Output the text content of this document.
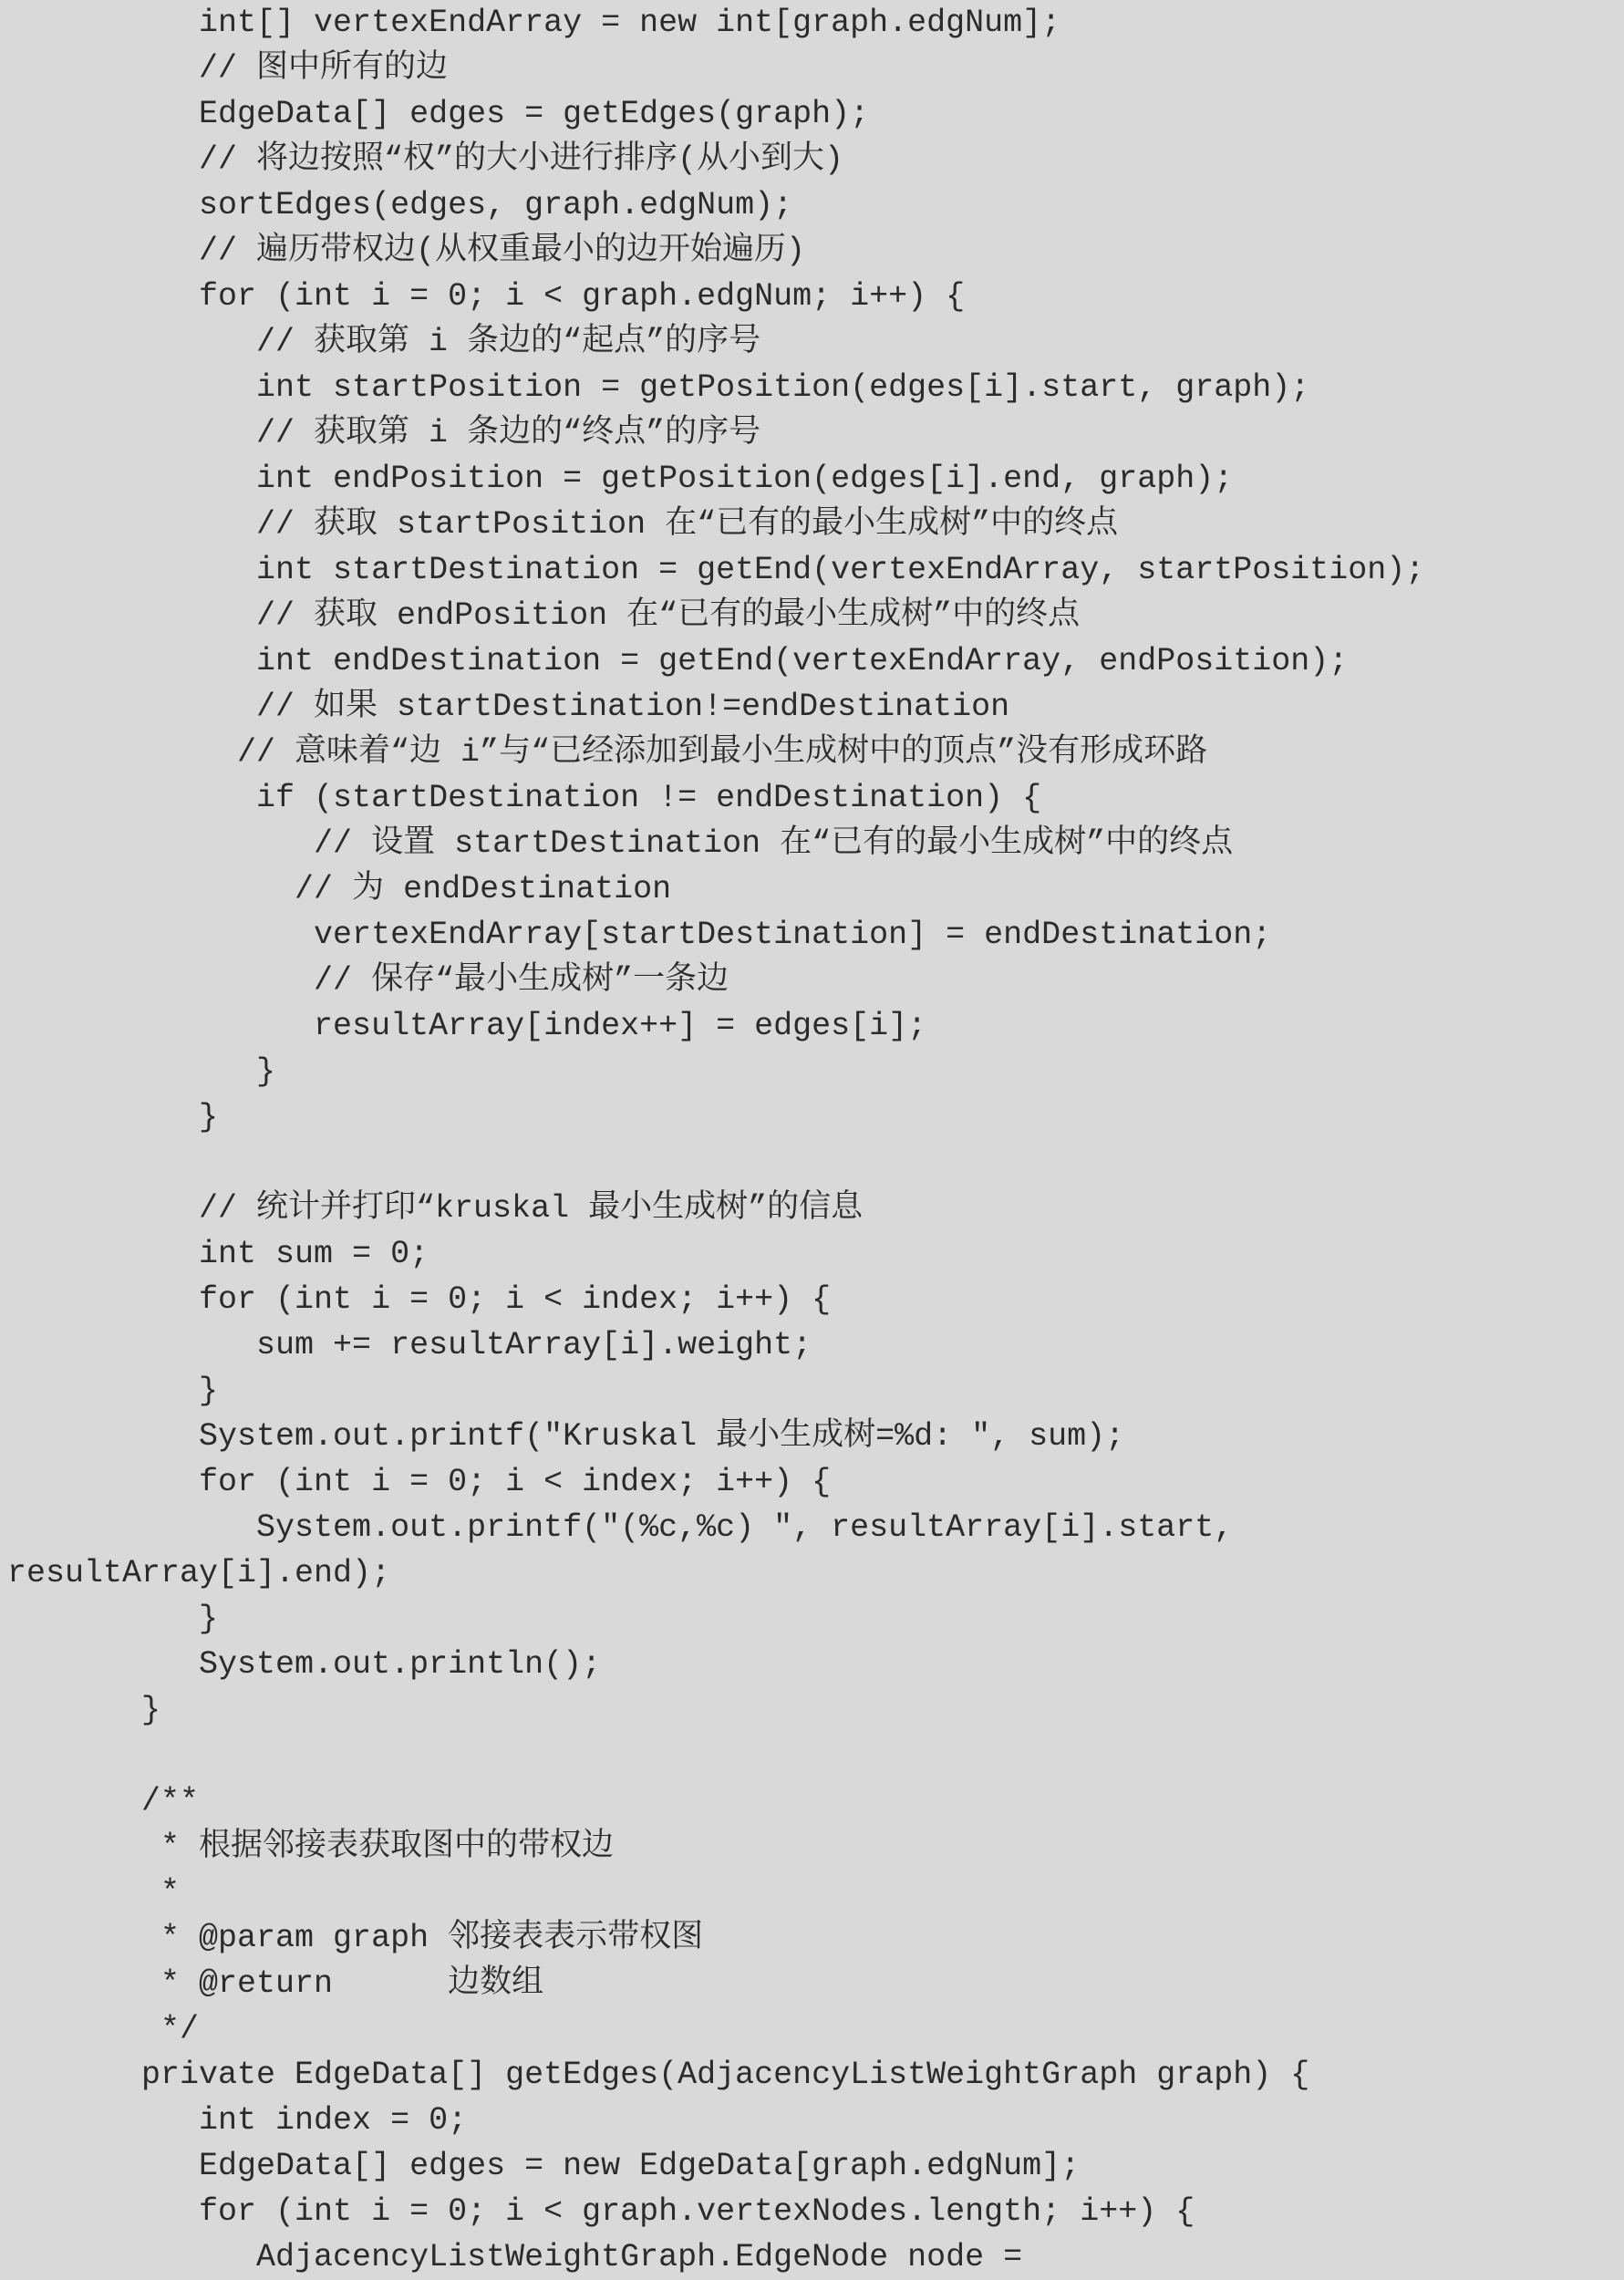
int[] vertexEndArray = new int[graph.edgNum];
// 图中所有的边
EdgeData[] edges = getEdges(graph);
// 将边按照“权”的大小进行排序(从小到大)
sortEdges(edges, graph.edgNum);
// 遍历带权边(从权重最小的边开始遍历)
for (int i = 0; i < graph.edgNum; i++) {
// 获取第 i 条边的“起点”的序号
int startPosition = getPosition(edges[i].start, graph);
// 获取第 i 条边的“终点”的序号
int endPosition = getPosition(edges[i].end, graph);
// 获取 startPosition 在“已有的最小生成树”中的终点
int startDestination = getEnd(vertexEndArray, startPosition);
// 获取 endPosition 在“已有的最小生成树”中的终点
int endDestination = getEnd(vertexEndArray, endPosition);
// 如果 startDestination!=endDestination
// 意味着“边 i”与“已经添加到最小生成树中的顶点”没有形成环路
if (startDestination != endDestination) {
// 设置 startDestination 在“已有的最小生成树”中的终点
// 为 endDestination
vertexEndArray[startDestination] = endDestination;
// 保存“最小生成树”一条边
resultArray[index++] = edges[i];
}
}
// 统计并打印“kruskal 最小生成树”的信息
int sum = 0;
for (int i = 0; i < index; i++) {
sum += resultArray[i].weight;
}
System.out.printf("Kruskal 最小生成树=%d: ", sum);
for (int i = 0; i < index; i++) {
System.out.printf("(%c,%c) ", resultArray[i].start,
resultArray[i].end);
}
System.out.println();
}
/**
* 根据邻接表获取图中的带权边
*
* @param graph 邻接表表示带权图
* @return      边数组
*/
private EdgeData[] getEdges(AdjacencyListWeightGraph graph) {
int index = 0;
EdgeData[] edges = new EdgeData[graph.edgNum];
for (int i = 0; i < graph.vertexNodes.length; i++) {
AdjacencyListWeightGraph.EdgeNode node =
